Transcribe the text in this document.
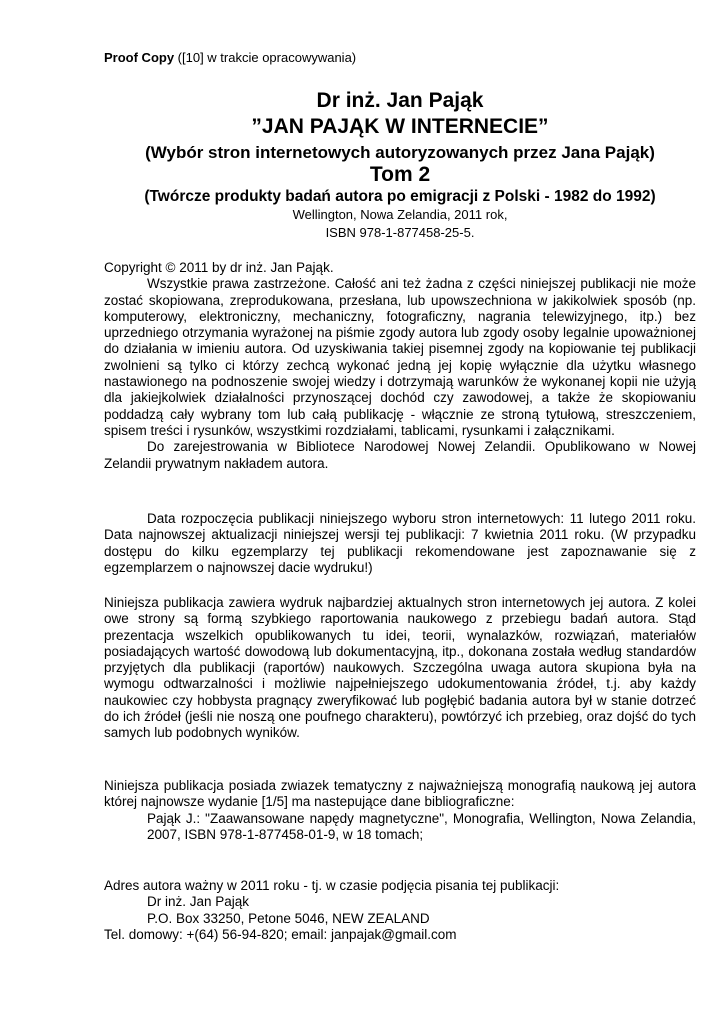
Proof Copy ([10] w trakcie opracowywania)
Dr inż. Jan Pająk
”JAN PAJĄK W INTERNECIE”
(Wybór stron internetowych autoryzowanych przez Jana Pająk)
Tom 2
(Twórcze produkty badań autora po emigracji z Polski - 1982 do 1992)
Wellington, Nowa Zelandia, 2011 rok,
ISBN 978-1-877458-25-5.

Copyright © 2011 by dr inż. Jan Pająk.

Wszystkie prawa zastrzeżone. Całość ani też żadna z części niniejszej publikacji nie może zostać skopiowana, zreprodukowana, przesłana, lub upowszechniona w jakikolwiek sposób (np. komputerowy, elektroniczny, mechaniczny, fotograficzny, nagrania telewizyjnego, itp.) bez uprzedniego otrzymania wyrażonej na piśmie zgody autora lub zgody osoby legalnie upoważnionej do działania w imieniu autora. Od uzyskiwania takiej pisemnej zgody na kopiowanie tej publikacji zwolnieni są tylko ci którzy zechcą wykonać jedną jej kopię wyłącznie dla użytku własnego nastawionego na podnoszenie swojej wiedzy i dotrzymają warunków że wykonanej kopii nie użyją dla jakiejkolwiek działalności przynoszącej dochód czy zawodowej, a także że skopiowaniu poddadzą cały wybrany tom lub całą publikację - włącznie ze stroną tytułową, streszczeniem, spisem treści i rysunków, wszystkimi rozdziałami, tablicami, rysunkami i załącznikami.

Do zarejestrowania w Bibliotece Narodowej Nowej Zelandii. Opublikowano w Nowej Zelandii prywatnym nakładem autora.

Data rozpoczęcia publikacji niniejszego wyboru stron internetowych: 11 lutego 2011 roku. Data najnowszej aktualizacji niniejszej wersji tej publikacji: 7 kwietnia 2011 roku. (W przypadku dostępu do kilku egzemplarzy tej publikacji rekomendowane jest zapoznawanie się z egzemplarzem o najnowszej dacie wydruku!)

Niniejsza publikacja zawiera wydruk najbardziej aktualnych stron internetowych jej autora. Z kolei owe strony są formą szybkiego raportowania naukowego z przebiegu badań autora. Stąd prezentacja wszelkich opublikowanych tu idei, teorii, wynalazków, rozwiązań, materiałów posiadających wartość dowodową lub dokumentacyjną, itp., dokonana została według standardów przyjętych dla publikacji (raportów) naukowych. Szczególna uwaga autora skupiona była na wymogu odtwarzalności i możliwie najpełniejszego udokumentowania źródeł, t.j. aby każdy naukowiec czy hobbysta pragnący zweryfikować lub pogłębić badania autora był w stanie dotrzeć do ich źródeł (jeśli nie noszą one poufnego charakteru), powtórzyć ich przebieg, oraz dojść do tych samych lub podobnych wyników.

Niniejsza publikacja posiada zwiazek tematyczny z najważniejszą monografią naukową jej autora której najnowsze wydanie [1/5] ma nastepujące dane bibliograficzne:

Pająk J.: "Zaawansowane napędy magnetyczne", Monografia, Wellington, Nowa Zelandia, 2007, ISBN 978-1-877458-01-9, w 18 tomach;

Adres autora ważny w 2011 roku - tj. w czasie podjęcia pisania tej publikacji:

Dr inż. Jan Pająk

P.O. Box 33250, Petone 5046, NEW ZEALAND

Tel. domowy: +(64) 56-94-820; email: janpajak@gmail.com
